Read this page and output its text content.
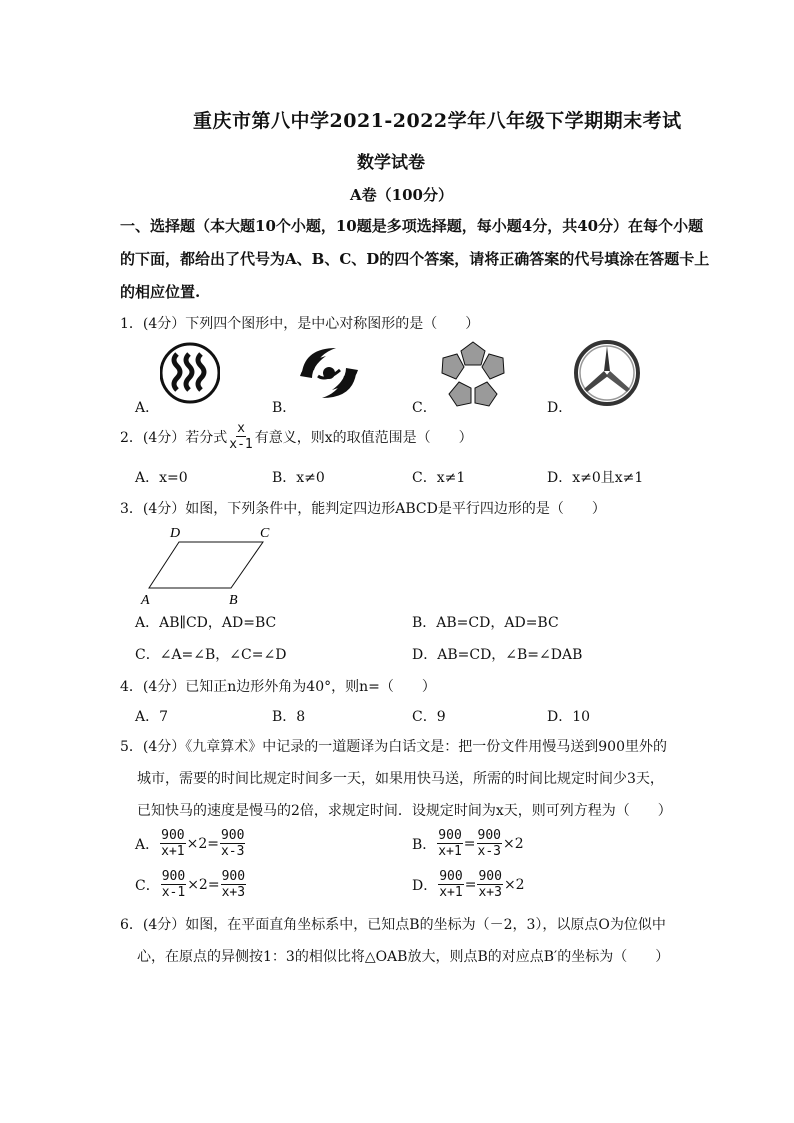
重庆市第八中学2021-2022学年八年级下学期期末考试
数学试卷
A卷（100分）
一、选择题（本大题10个小题，10题是多项选择题，每小题4分，共40分）在每个小题
的下面，都给出了代号为A、B、C、D的四个答案，请将正确答案的代号填涂在答题卡上
的相应位置.
1．(4分）下列四个图形中，是中心对称图形的是（　　）
A．	B．	C．	D．
2．(4分）若分式 $\frac{x}{x-1}$ 有意义，则x的取值范围是（　　）
A．x=0	B．x≠0	C．x≠1	D．x≠0且x≠1
3．(4分）如图，下列条件中，能判定四边形ABCD是平行四边形的是（　　）
D	C
A	B
A．AB∥CD，AD=BC	B．AB=CD，AD=BC
C．∠A=∠B，∠C=∠D	D．AB=CD，∠B=∠DAB
4．(4分）已知正n边形外角为40°，则n=（　　）
A．7	B．8	C．9	D．10
5．(4分）《九章算术》中记录的一道题译为白话文是：把一份文件用慢马送到900里外的
城市，需要的时间比规定时间多一天，如果用快马送，所需的时间比规定时间少3天，
已知快马的速度是慢马的2倍，求规定时间．设规定时间为x天，则可列方程为（　　）
A． $\frac{900}{x+1} \times 2= \frac{900}{x-3}$	B． $\frac{900}{x+1} = \frac{900}{x-3} \times 2$
C． $\frac{900}{x-1} \times 2= \frac{900}{x+3}$	D． $\frac{900}{x+1} = \frac{900}{x+3} \times 2$
6．(4分）如图，在平面直角坐标系中，已知点B的坐标为（－2，3），以原点O为位似中
心，在原点的异侧按1：3的相似比将△OAB放大，则点B的对应点B′的坐标为（　　）
